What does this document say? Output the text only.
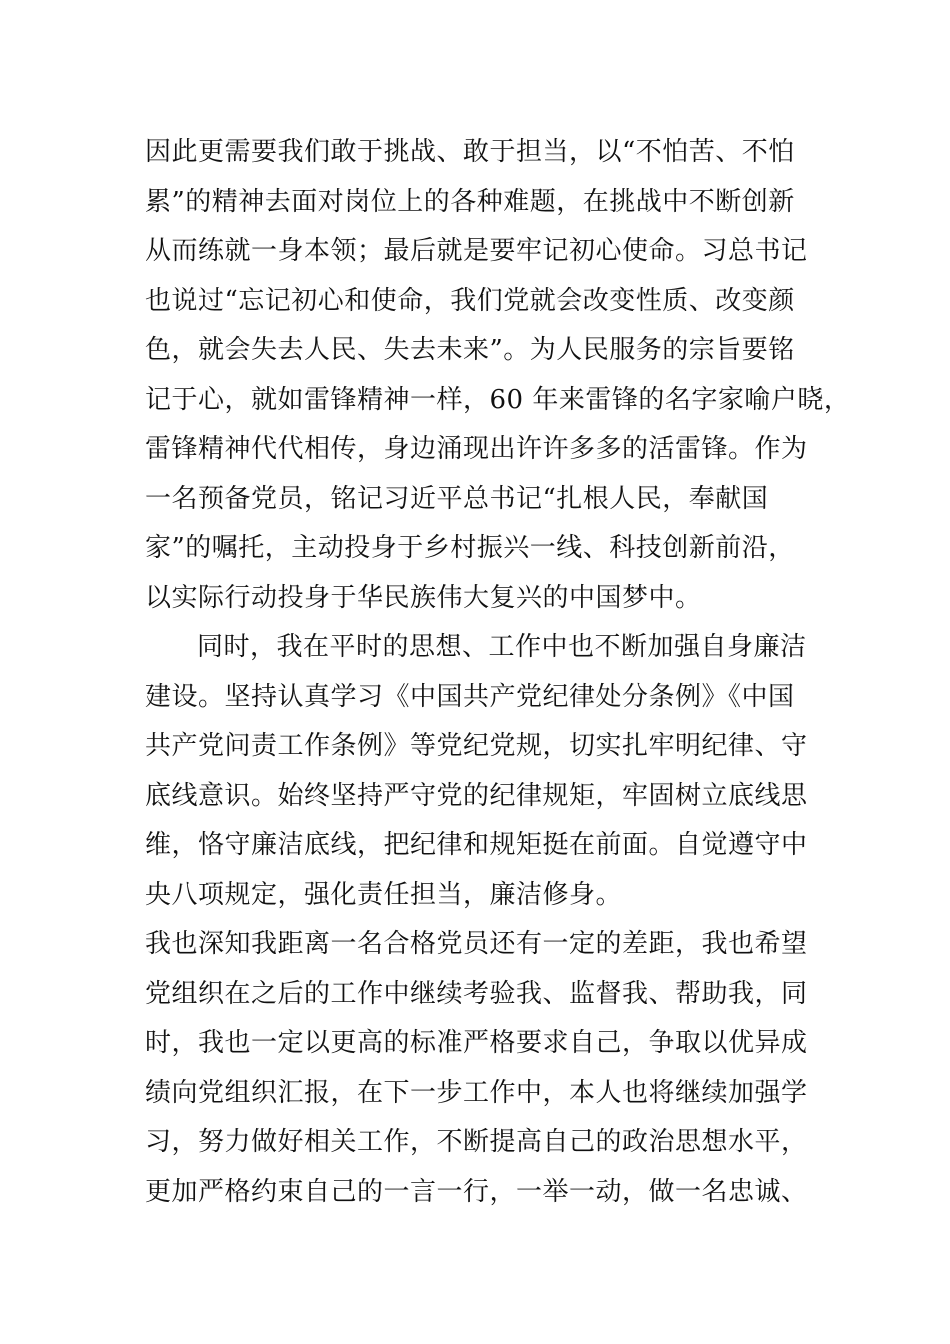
因此更需要我们敢于挑战、敢于担当，以“不怕苦、不怕
累”的精神去面对岗位上的各种难题，在挑战中不断创新
从而练就一身本领；最后就是要牢记初心使命。习总书记
也说过“忘记初心和使命，我们党就会改变性质、改变颜
色，就会失去人民、失去未来”。为人民服务的宗旨要铭
记于心，就如雷锋精神一样，60 年来雷锋的名字家喻户晓，
雷锋精神代代相传，身边涌现出许许多多的活雷锋。作为
一名预备党员，铭记习近平总书记“扎根人民，奉献国
家”的嘱托，主动投身于乡村振兴一线、科技创新前沿，
以实际行动投身于华民族伟大复兴的中国梦中。
同时，我在平时的思想、工作中也不断加强自身廉洁
建设。坚持认真学习《中国共产党纪律处分条例》《中国
共产党问责工作条例》等党纪党规，切实扎牢明纪律、守
底线意识。始终坚持严守党的纪律规矩，牢固树立底线思
维，恪守廉洁底线，把纪律和规矩挺在前面。自觉遵守中
央八项规定，强化责任担当，廉洁修身。
我也深知我距离一名合格党员还有一定的差距，我也希望
党组织在之后的工作中继续考验我、监督我、帮助我，同
时，我也一定以更高的标准严格要求自己，争取以优异成
绩向党组织汇报，在下一步工作中，本人也将继续加强学
习，努力做好相关工作，不断提高自己的政治思想水平，
更加严格约束自己的一言一行，一举一动，做一名忠诚、
